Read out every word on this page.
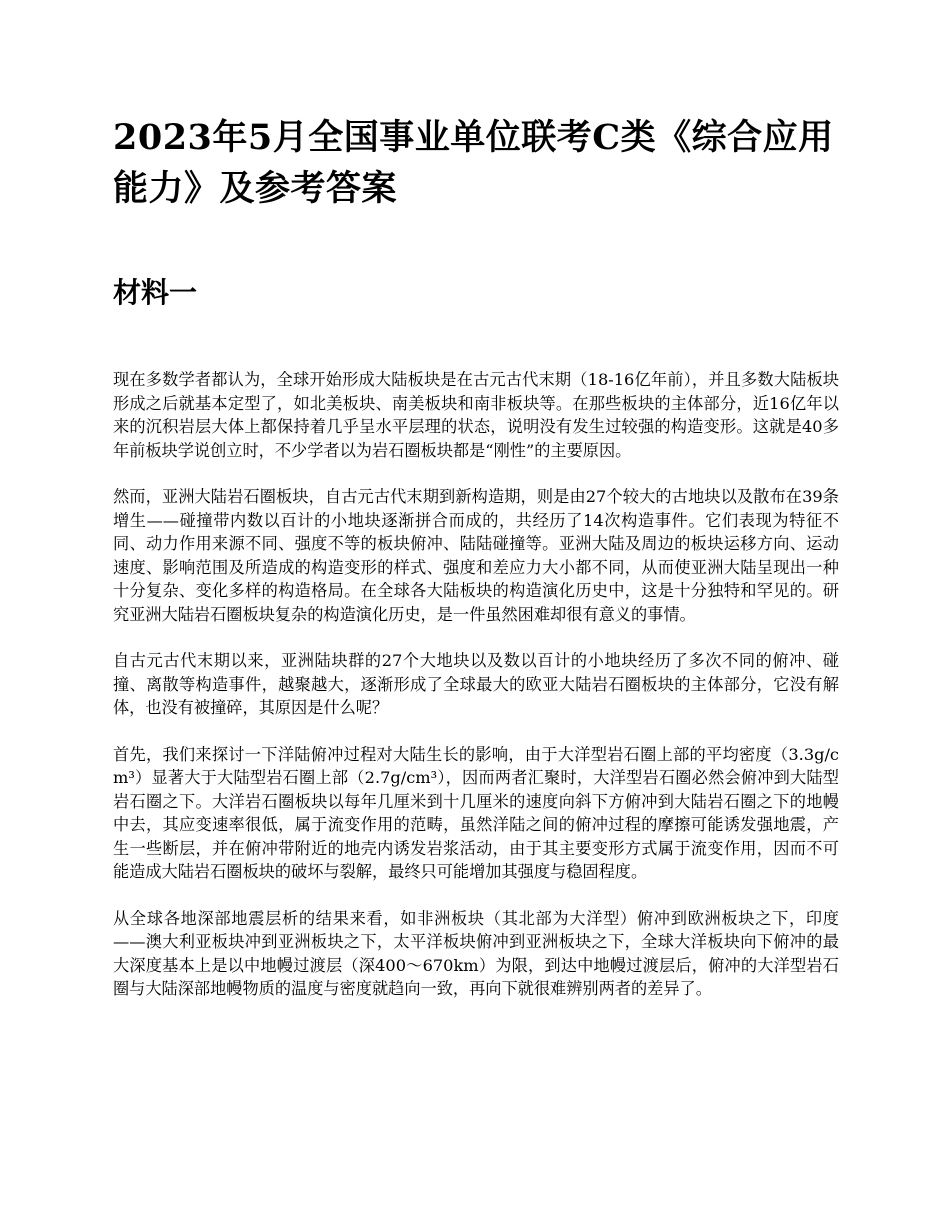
2023年5月全国事业单位联考C类《综合应用能力》及参考答案
材料一

现在多数学者都认为，全球开始形成大陆板块是在古元古代末期（18-16亿年前），并且多数大陆板块形成之后就基本定型了，如北美板块、南美板块和南非板块等。在那些板块的主体部分，近16亿年以来的沉积岩层大体上都保持着几乎呈水平层理的状态，说明没有发生过较强的构造变形。这就是40多年前板块学说创立时，不少学者以为岩石圈板块都是“刚性”的主要原因。

然而，亚洲大陆岩石圈板块，自古元古代末期到新构造期，则是由27个较大的古地块以及散布在39条增生——碰撞带内数以百计的小地块逐渐拼合而成的，共经历了14次构造事件。它们表现为特征不同、动力作用来源不同、强度不等的板块俯冲、陆陆碰撞等。亚洲大陆及周边的板块运移方向、运动速度、影响范围及所造成的构造变形的样式、强度和差应力大小都不同，从而使亚洲大陆呈现出一种十分复杂、变化多样的构造格局。在全球各大陆板块的构造演化历史中，这是十分独特和罕见的。研究亚洲大陆岩石圈板块复杂的构造演化历史，是一件虽然困难却很有意义的事情。

自古元古代末期以来，亚洲陆块群的27个大地块以及数以百计的小地块经历了多次不同的俯冲、碰撞、离散等构造事件，越聚越大，逐渐形成了全球最大的欧亚大陆岩石圈板块的主体部分，它没有解体，也没有被撞碎，其原因是什么呢？

首先，我们来探讨一下洋陆俯冲过程对大陆生长的影响，由于大洋型岩石圈上部的平均密度（3.3g/cm³）显著大于大陆型岩石圈上部（2.7g/cm³），因而两者汇聚时，大洋型岩石圈必然会俯冲到大陆型岩石圈之下。大洋岩石圈板块以每年几厘米到十几厘米的速度向斜下方俯冲到大陆岩石圈之下的地幔中去，其应变速率很低，属于流变作用的范畴，虽然洋陆之间的俯冲过程的摩擦可能诱发强地震，产生一些断层，并在俯冲带附近的地壳内诱发岩浆活动，由于其主要变形方式属于流变作用，因而不可能造成大陆岩石圈板块的破坏与裂解，最终只可能增加其强度与稳固程度。

从全球各地深部地震层析的结果来看，如非洲板块（其北部为大洋型）俯冲到欧洲板块之下，印度——澳大利亚板块冲到亚洲板块之下，太平洋板块俯冲到亚洲板块之下，全球大洋板块向下俯冲的最大深度基本上是以中地幔过渡层（深400～670km）为限，到达中地幔过渡层后，俯冲的大洋型岩石圈与大陆深部地幔物质的温度与密度就趋向一致，再向下就很难辨别两者的差异了。
